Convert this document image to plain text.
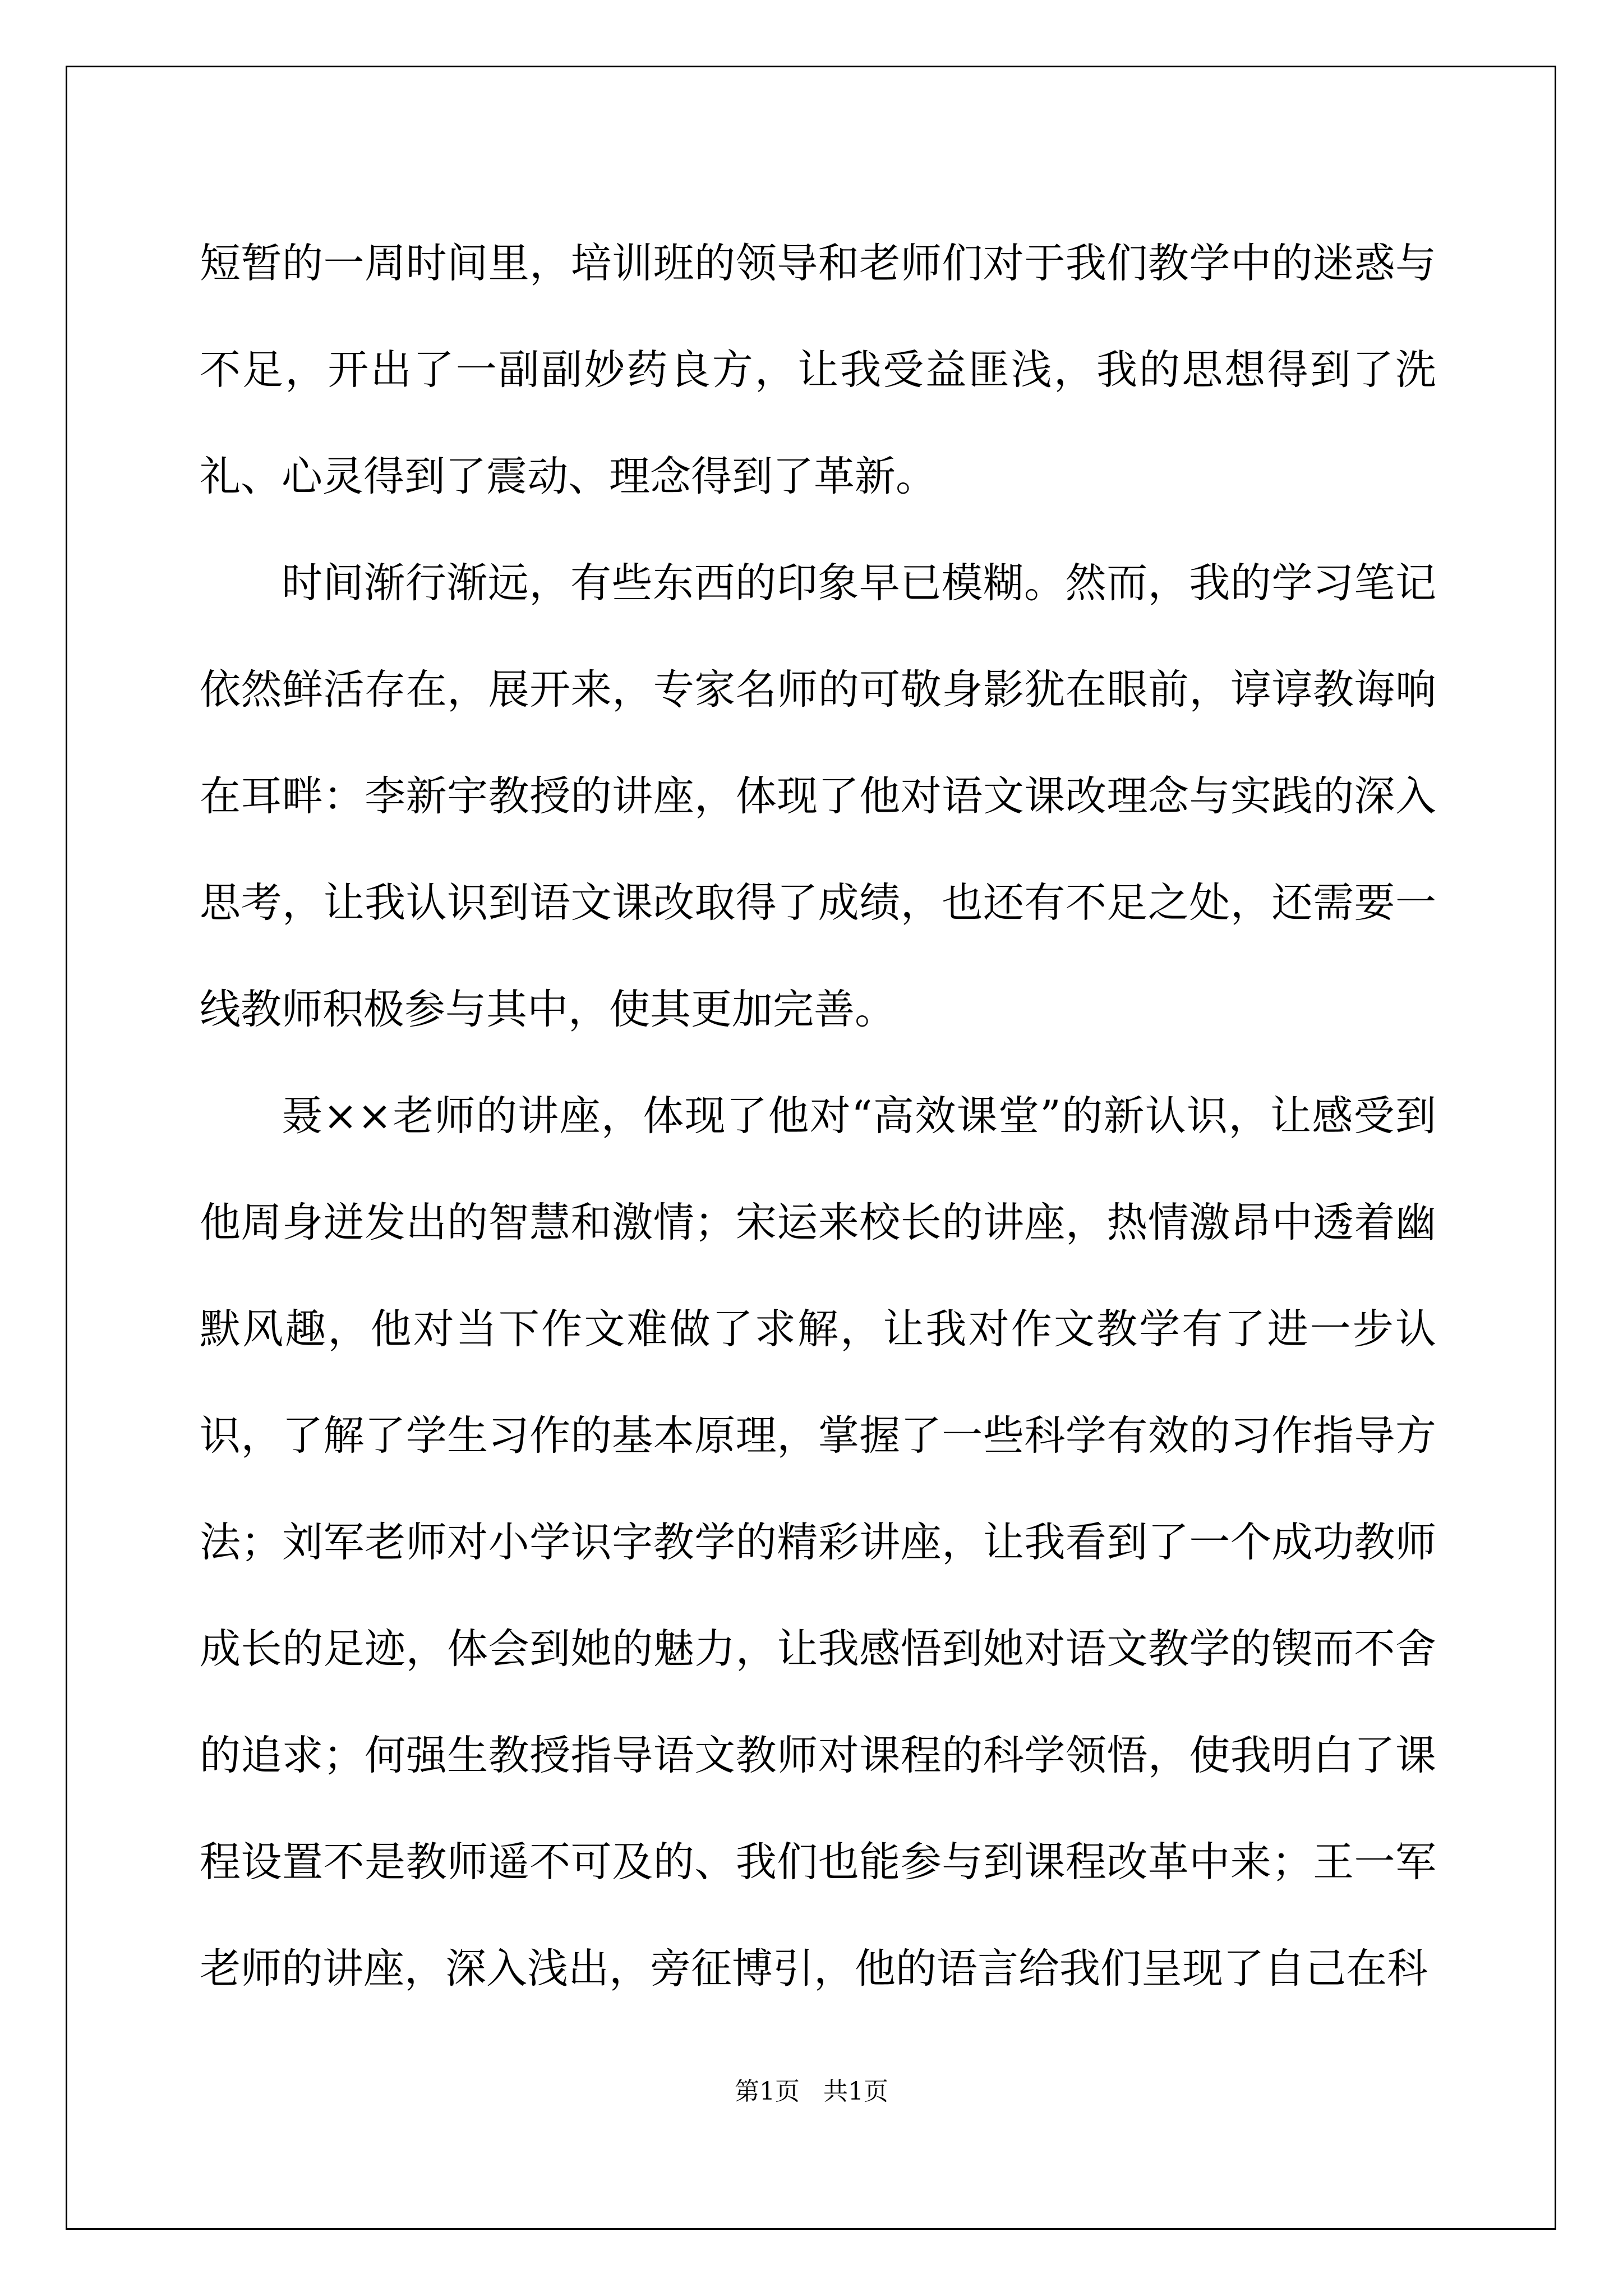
短暂的一周时间里，培训班的领导和老师们对于我们教学中的迷惑与不足，开出了一副副妙药良方，让我受益匪浅，我的思想得到了洗礼、心灵得到了震动、理念得到了革新。

时间渐行渐远，有些东西的印象早已模糊。然而，我的学习笔记依然鲜活存在，展开来，专家名师的可敬身影犹在眼前，谆谆教诲响在耳畔：李新宇教授的讲座，体现了他对语文课改理念与实践的深入思考，让我认识到语文课改取得了成绩，也还有不足之处，还需要一线教师积极参与其中，使其更加完善。

聂××老师的讲座，体现了他对“高效课堂”的新认识，让感受到他周身迸发出的智慧和激情；宋运来校长的讲座，热情激昂中透着幽默风趣，他对当下作文难做了求解，让我对作文教学有了进一步认识，了解了学生习作的基本原理，掌握了一些科学有效的习作指导方法；刘军老师对小学识字教学的精彩讲座，让我看到了一个成功教师成长的足迹，体会到她的魅力，让我感悟到她对语文教学的锲而不舍的追求；何强生教授指导语文教师对课程的科学领悟，使我明白了课程设置不是教师遥不可及的、我们也能参与到课程改革中来；王一军老师的讲座，深入浅出，旁征博引，他的语言给我们呈现了自己在科

第1页   共1页
